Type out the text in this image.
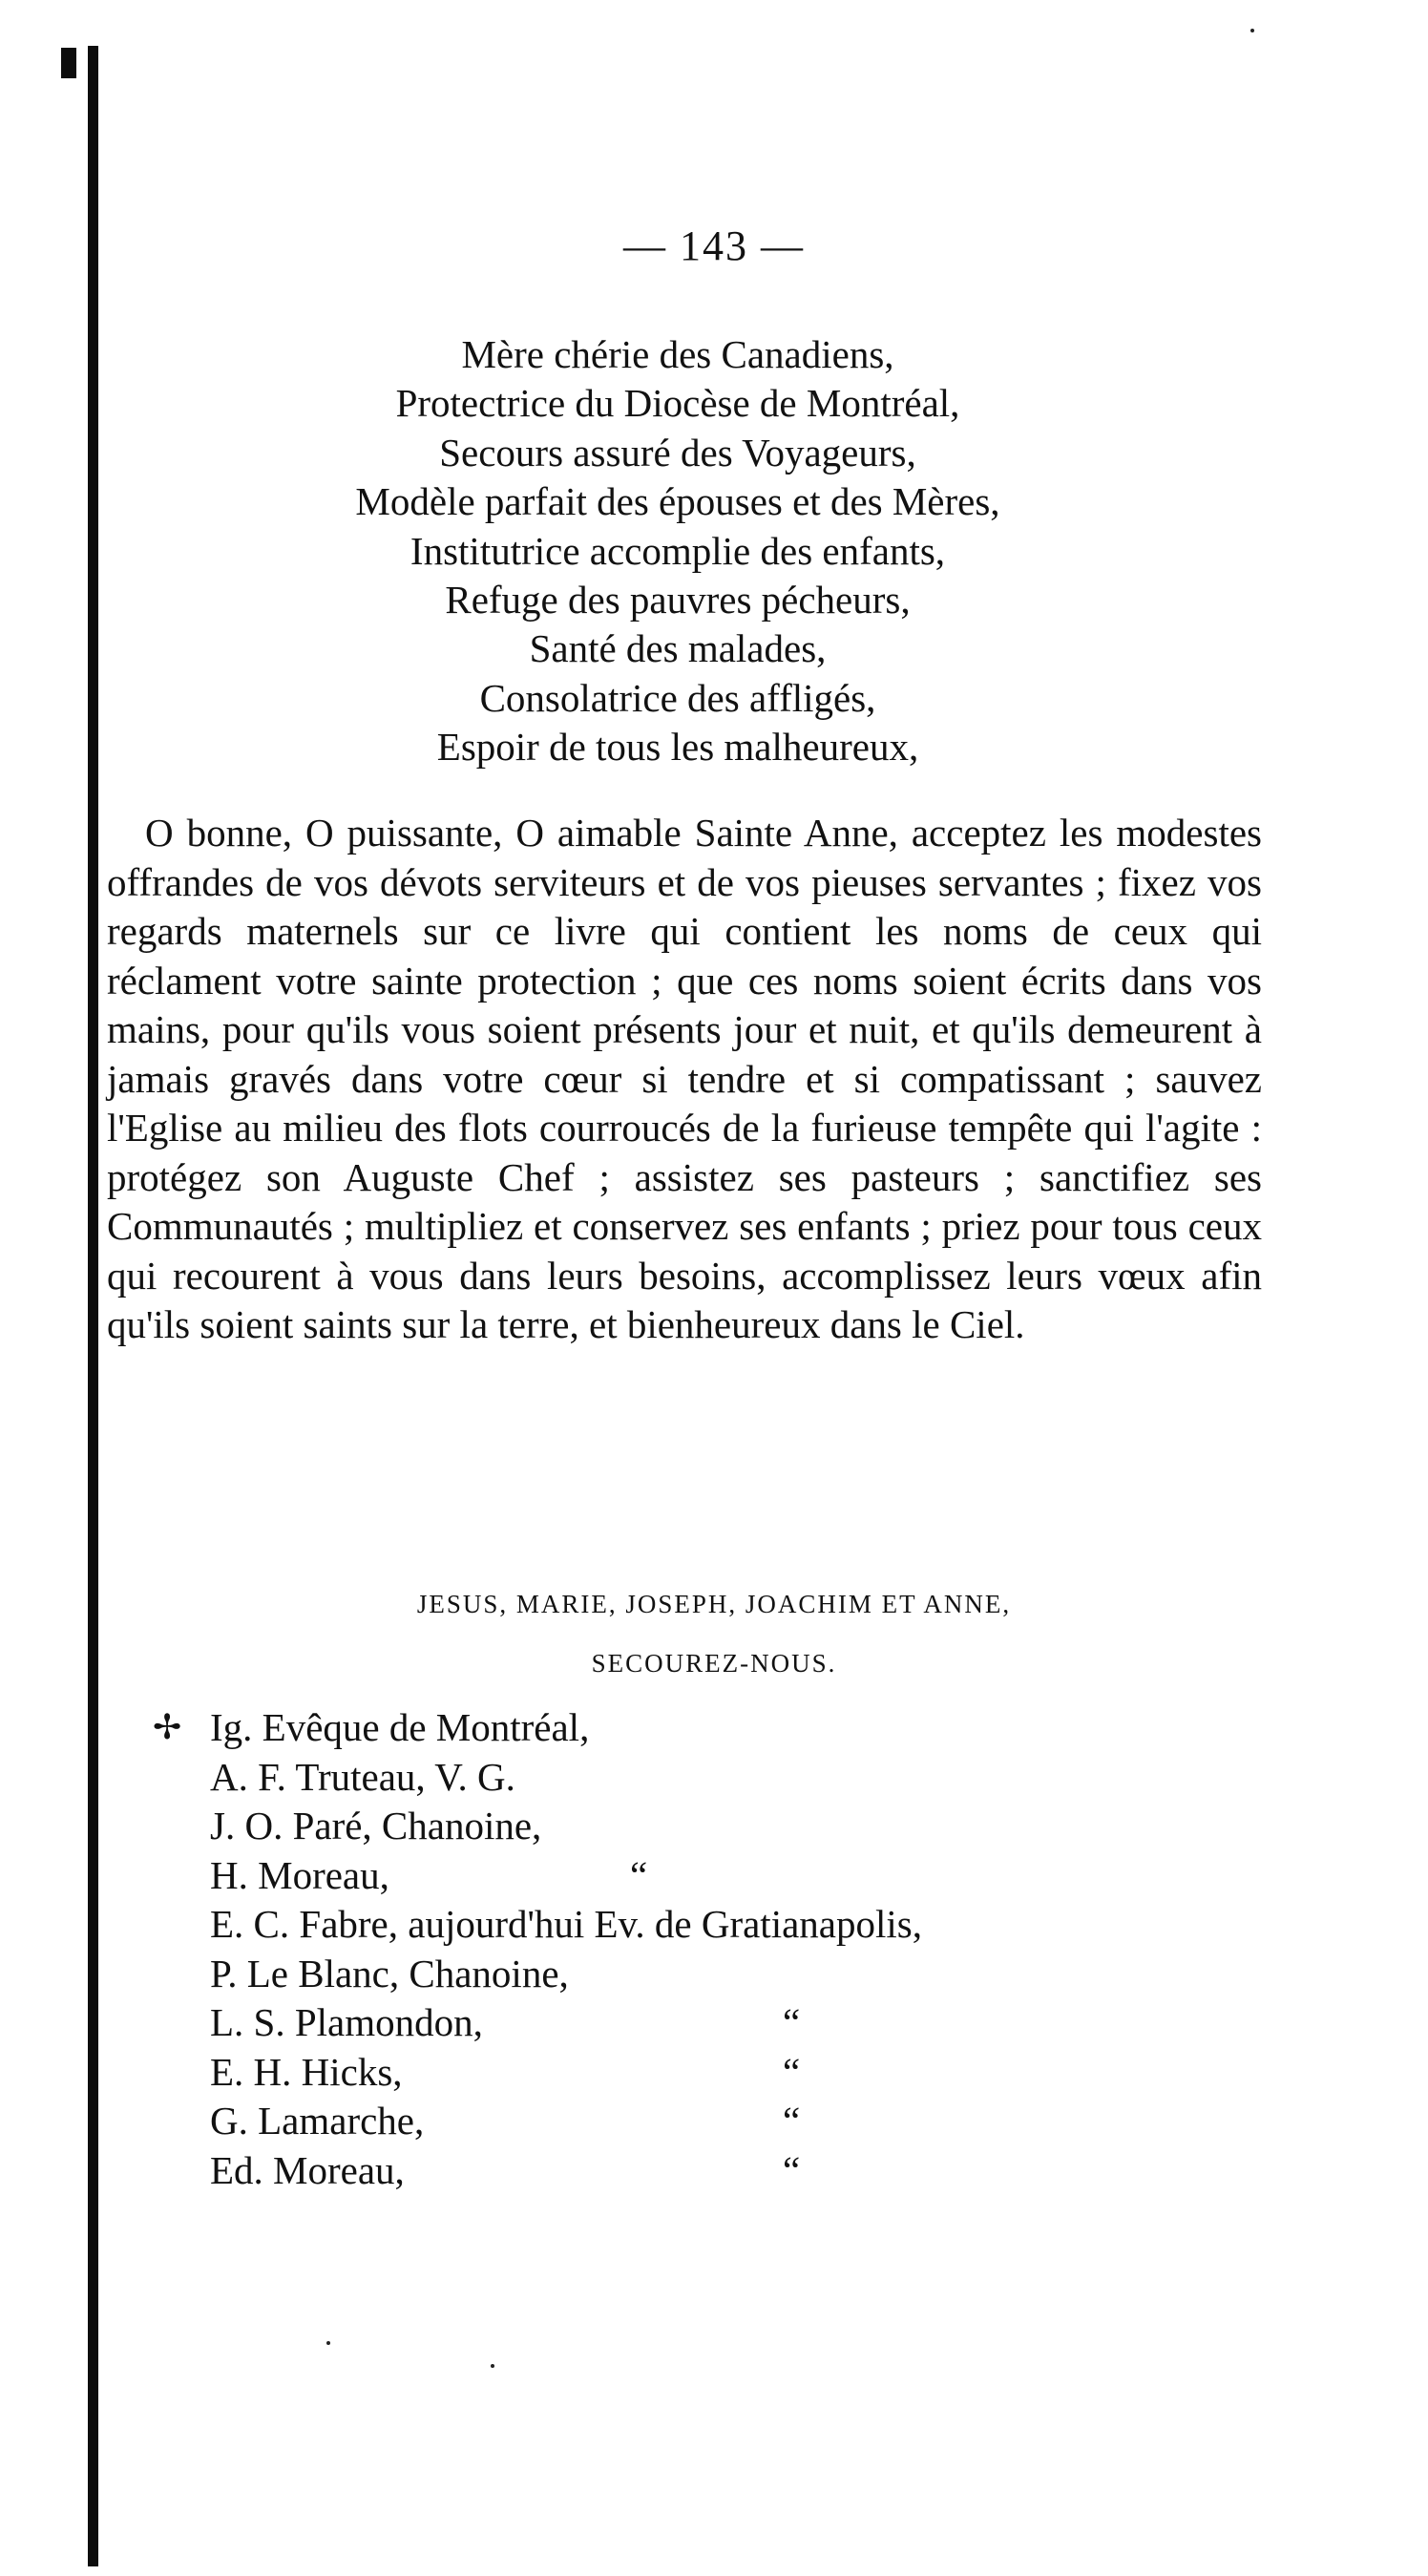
— 143 —
Mère chérie des Canadiens,
Protectrice du Diocèse de Montréal,
Secours assuré des Voyageurs,
Modèle parfait des épouses et des Mères,
Institutrice accomplie des enfants,
Refuge des pauvres pécheurs,
Santé des malades,
Consolatrice des affligés,
Espoir de tous les malheureux,
O bonne, O puissante, O aimable Sainte Anne, acceptez les modestes offrandes de vos dévots serviteurs et de vos pieuses servantes ; fixez vos regards maternels sur ce livre qui contient les noms de ceux qui réclament votre sainte protection ; que ces noms soient écrits dans vos mains, pour qu'ils vous soient présents jour et nuit, et qu'ils demeurent à jamais gravés dans votre cœur si tendre et si compatissant ; sauvez l'Eglise au milieu des flots courroucés de la furieuse tempête qui l'agite : protégez son Auguste Chef ; assistez ses pasteurs ; sanctifiez ses Communautés ; multipliez et conservez ses enfants ; priez pour tous ceux qui recourent à vous dans leurs besoins, accomplissez leurs vœux afin qu'ils soient saints sur la terre, et bienheureux dans le Ciel.
JESUS, MARIE, JOSEPH, JOACHIM ET ANNE,
SECOUREZ-NOUS.
✢ Ig. Evêque de Montréal,
A. F. Truteau, V. G.
J. O. Paré, Chanoine,
H. Moreau,	“
E. C. Fabre, aujourd'hui Ev. de Gratianapolis,
P. Le Blanc, Chanoine,
L. S. Plamondon,	“
E. H. Hicks,	“
G. Lamarche,	“
Ed. Moreau,	“
